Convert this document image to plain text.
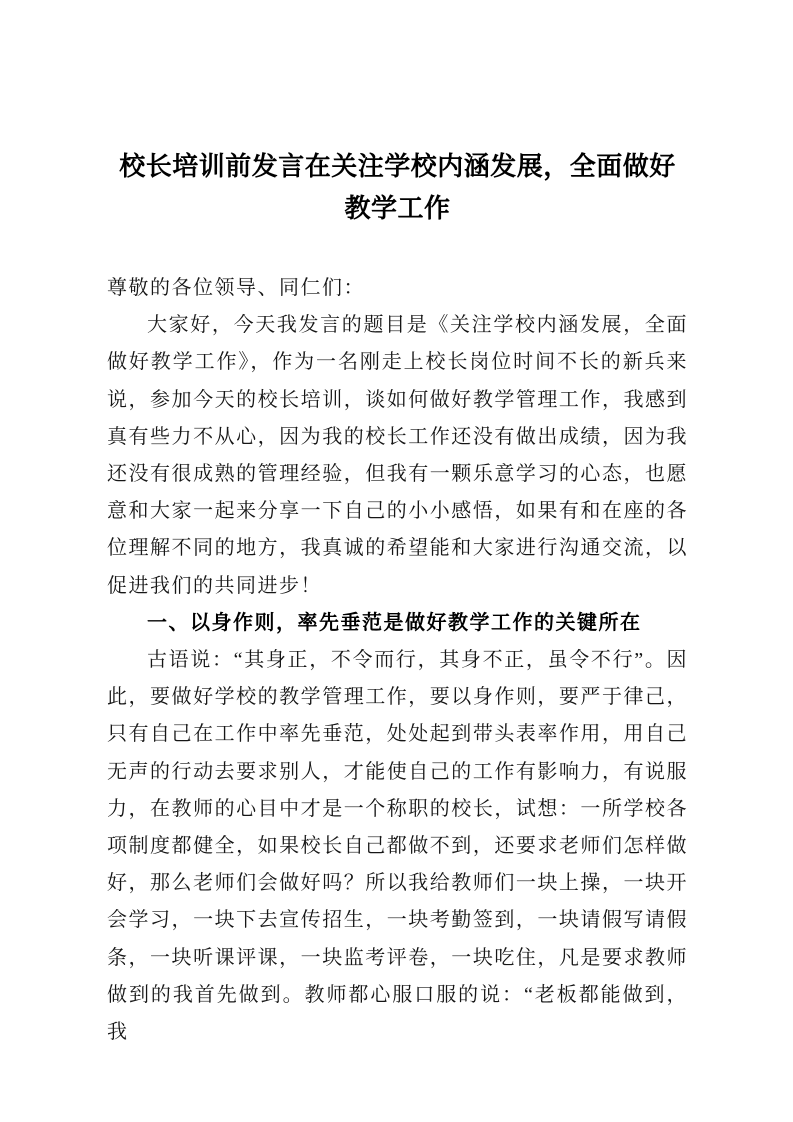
校长培训前发言在关注学校内涵发展，全面做好教学工作

尊敬的各位领导、同仁们：

大家好，今天我发言的题目是《关注学校内涵发展，全面做好教学工作》，作为一名刚走上校长岗位时间不长的新兵来说，参加今天的校长培训，谈如何做好教学管理工作，我感到真有些力不从心，因为我的校长工作还没有做出成绩，因为我还没有很成熟的管理经验，但我有一颗乐意学习的心态，也愿意和大家一起来分享一下自己的小小感悟，如果有和在座的各位理解不同的地方，我真诚的希望能和大家进行沟通交流，以促进我们的共同进步！

一、以身作则，率先垂范是做好教学工作的关键所在

古语说：“其身正，不令而行，其身不正，虽令不行”。因此，要做好学校的教学管理工作，要以身作则，要严于律己，只有自己在工作中率先垂范，处处起到带头表率作用，用自己无声的行动去要求别人，才能使自己的工作有影响力，有说服力，在教师的心目中才是一个称职的校长，试想：一所学校各项制度都健全，如果校长自己都做不到，还要求老师们怎样做好，那么老师们会做好吗？所以我给教师们一块上操，一块开会学习，一块下去宣传招生，一块考勤签到，一块请假写请假条，一块听课评课，一块监考评卷，一块吃住，凡是要求教师做到的我首先做到。教师都心服口服的说：“老板都能做到，我
